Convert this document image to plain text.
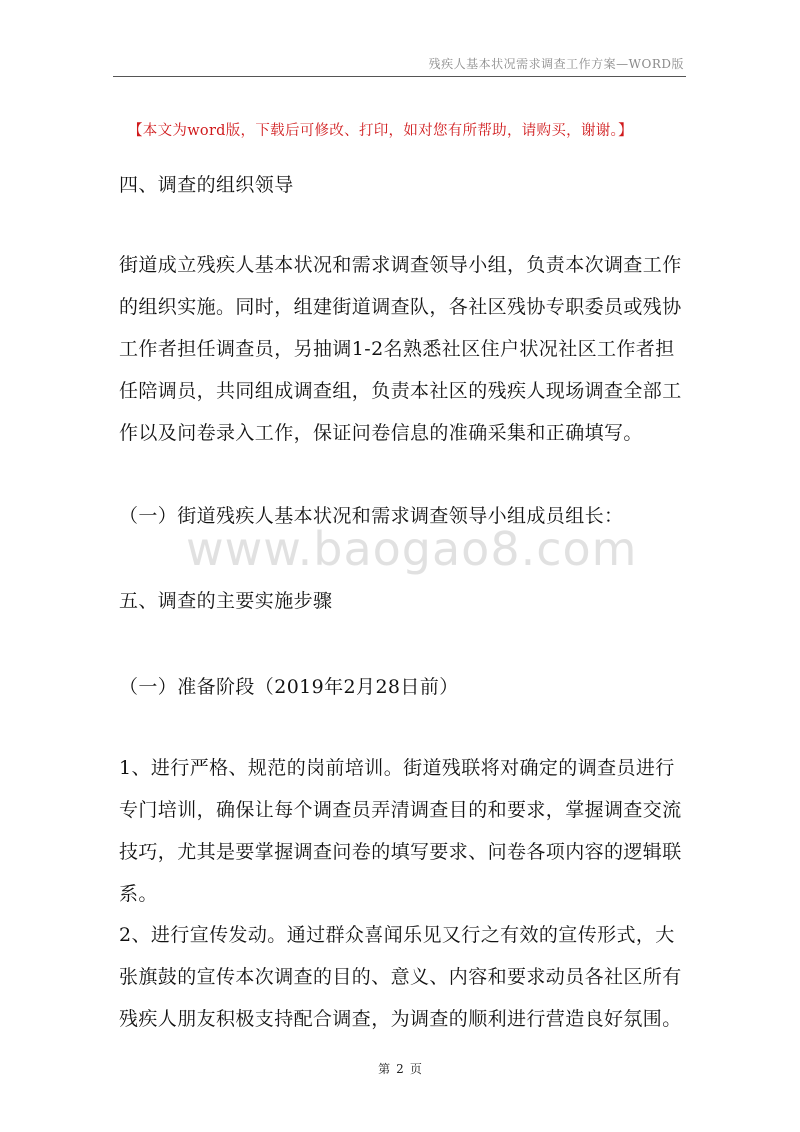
残疾人基本状况需求调查工作方案—WORD版
【本文为word版，下载后可修改、打印，如对您有所帮助，请购买，谢谢。】
四、调查的组织领导
街道成立残疾人基本状况和需求调查领导小组，负责本次调查工作的组织实施。同时，组建街道调查队，各社区残协专职委员或残协工作者担任调查员，另抽调1-2名熟悉社区住户状况社区工作者担任陪调员，共同组成调查组，负责本社区的残疾人现场调查全部工作以及问卷录入工作，保证问卷信息的准确采集和正确填写。
（一）街道残疾人基本状况和需求调查领导小组成员组长：
www.baogao8.com
五、调查的主要实施步骤
（一）准备阶段（2019年2月28日前）
1、进行严格、规范的岗前培训。街道残联将对确定的调查员进行专门培训，确保让每个调查员弄清调查目的和要求，掌握调查交流技巧，尤其是要掌握调查问卷的填写要求、问卷各项内容的逻辑联系。
2、进行宣传发动。通过群众喜闻乐见又行之有效的宣传形式，大张旗鼓的宣传本次调查的目的、意义、内容和要求动员各社区所有残疾人朋友积极支持配合调查，为调查的顺利进行营造良好氛围。
第 2 页
